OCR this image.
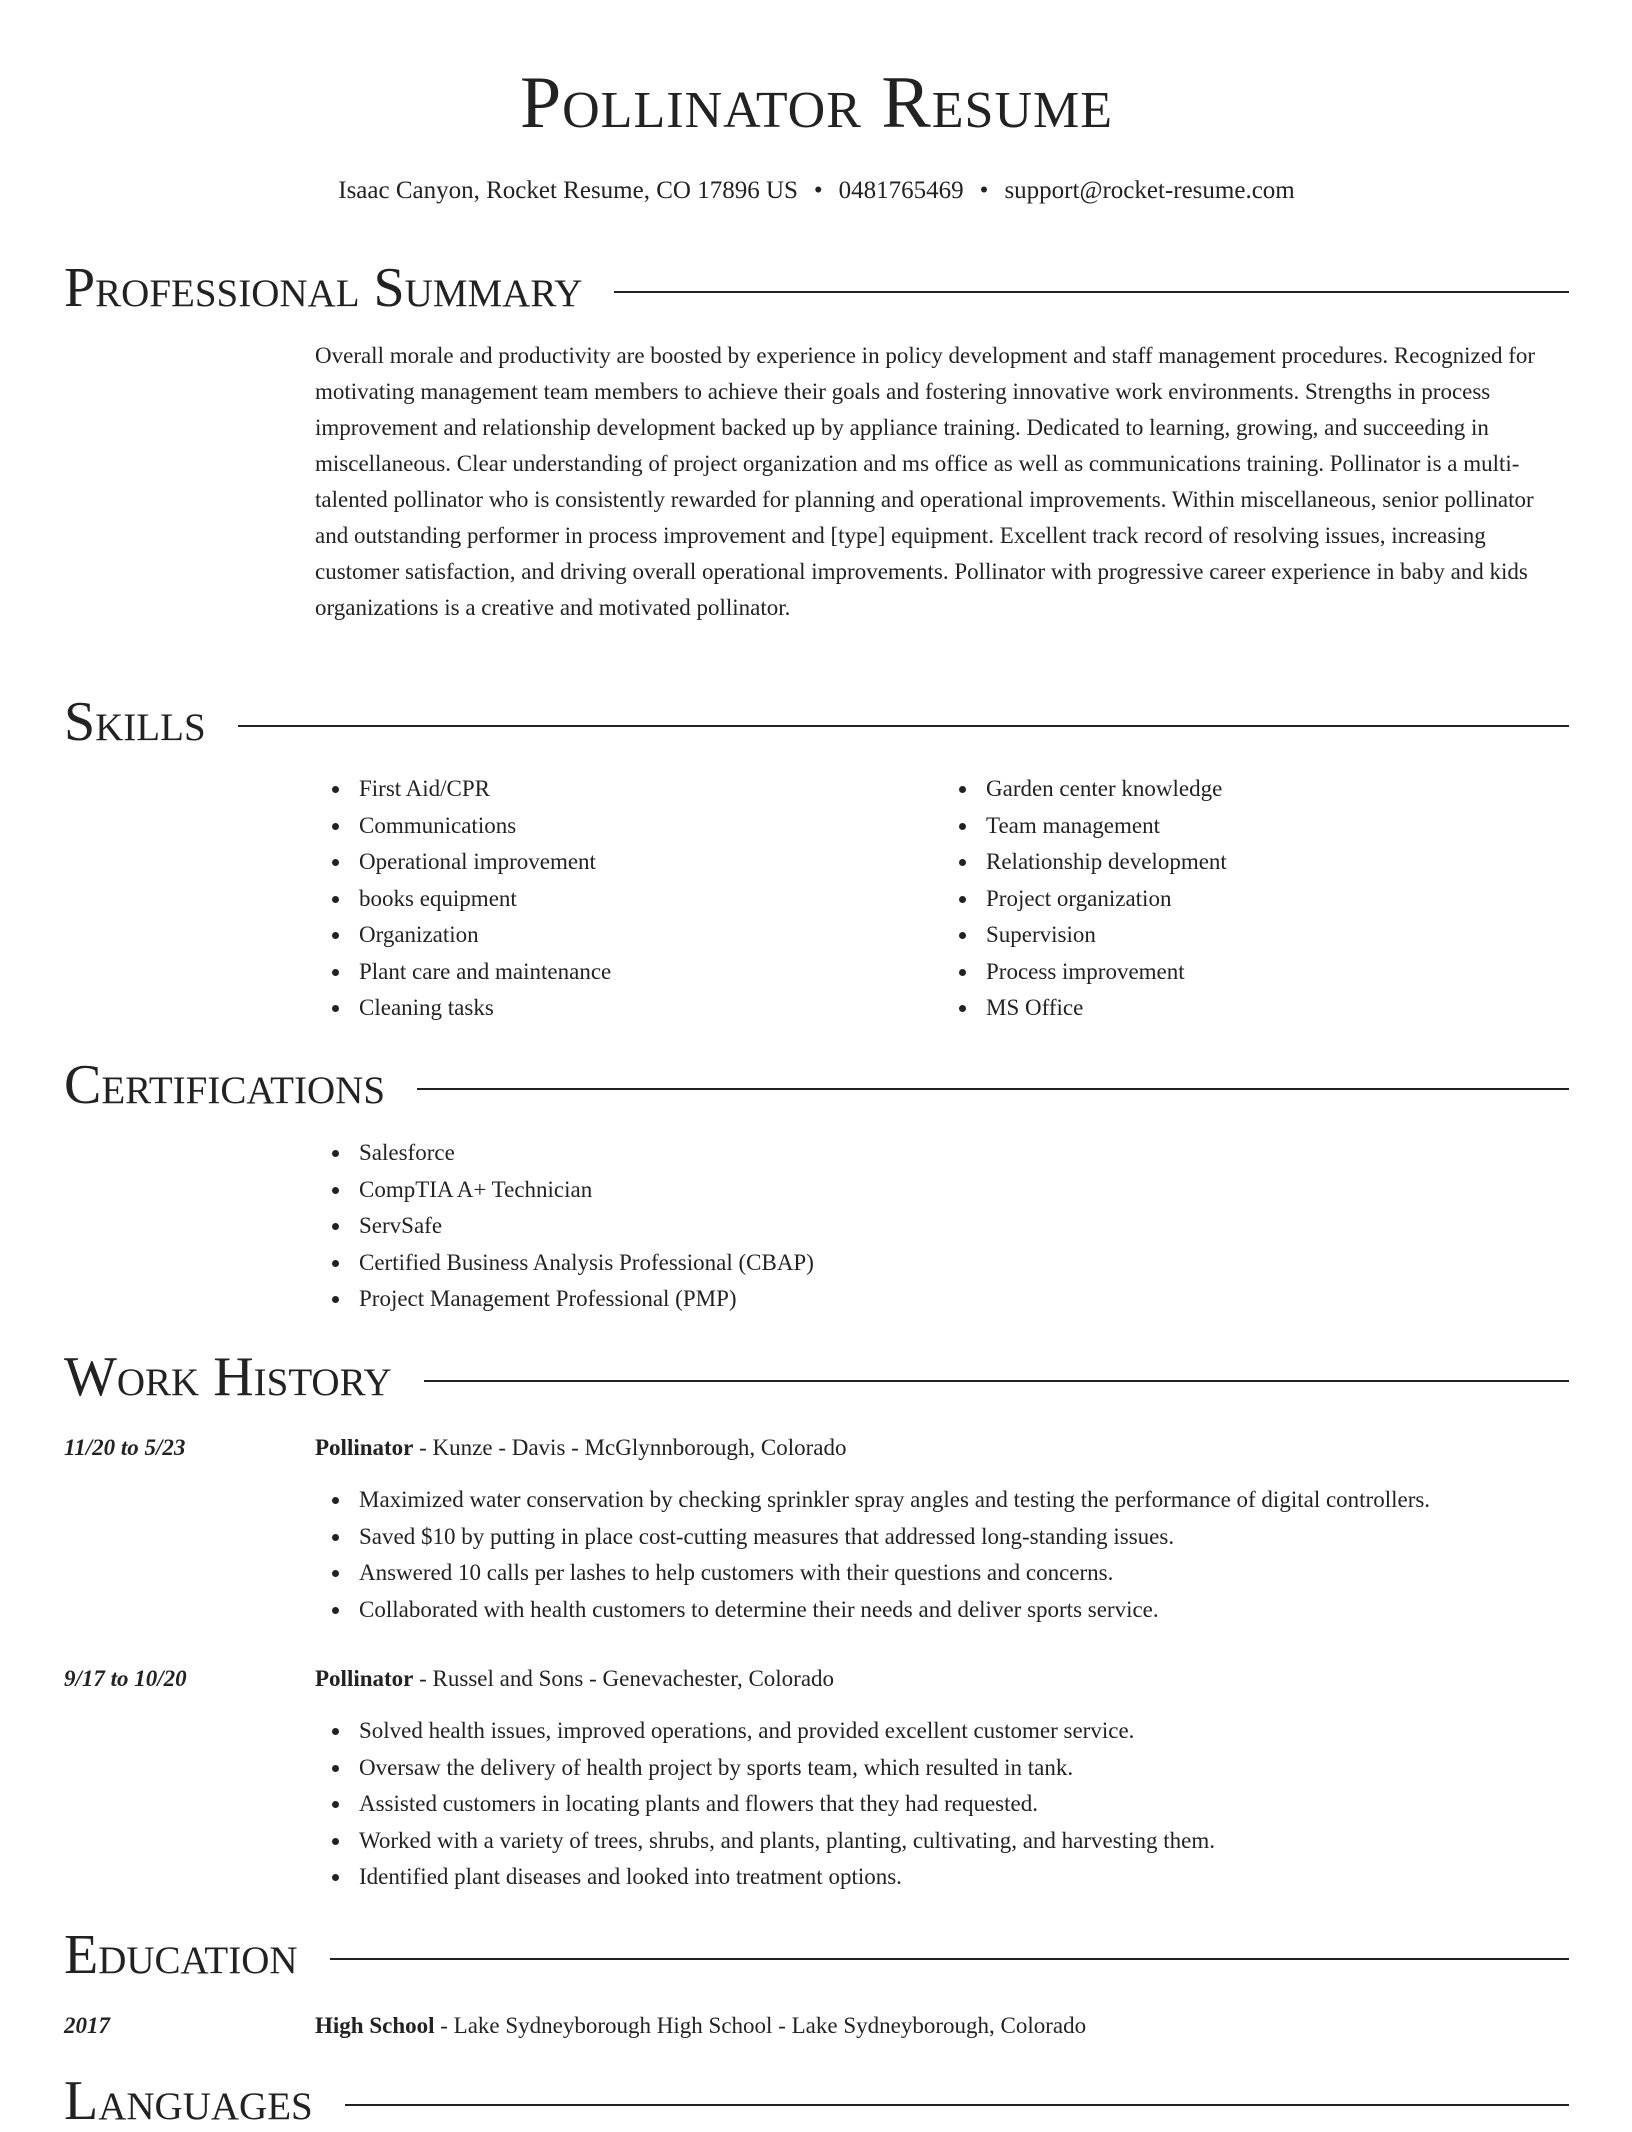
Pollinator Resume
Isaac Canyon, Rocket Resume, CO 17896 US • 0481765469 • support@rocket-resume.com
Professional Summary

Overall morale and productivity are boosted by experience in policy development and staff management procedures. Recognized for motivating management team members to achieve their goals and fostering innovative work environments. Strengths in process improvement and relationship development backed up by appliance training. Dedicated to learning, growing, and succeeding in miscellaneous. Clear understanding of project organization and ms office as well as communications training. Pollinator is a multi-talented pollinator who is consistently rewarded for planning and operational improvements. Within miscellaneous, senior pollinator and outstanding performer in process improvement and [type] equipment. Excellent track record of resolving issues, increasing customer satisfaction, and driving overall operational improvements. Pollinator with progressive career experience in baby and kids organizations is a creative and motivated pollinator.

Skills
First Aid/CPR
Communications
Operational improvement
books equipment
Organization
Plant care and maintenance
Cleaning tasks
Garden center knowledge
Team management
Relationship development
Project organization
Supervision
Process improvement
MS Office
Certifications
Salesforce
CompTIA A+ Technician
ServSafe
Certified Business Analysis Professional (CBAP)
Project Management Professional (PMP)
Work History
11/20 to 5/23	Pollinator - Kunze - Davis - McGlynnborough, Colorado
Maximized water conservation by checking sprinkler spray angles and testing the performance of digital controllers.
Saved $10 by putting in place cost-cutting measures that addressed long-standing issues.
Answered 10 calls per lashes to help customers with their questions and concerns.
Collaborated with health customers to determine their needs and deliver sports service.
9/17 to 10/20	Pollinator - Russel and Sons - Genevachester, Colorado
Solved health issues, improved operations, and provided excellent customer service.
Oversaw the delivery of health project by sports team, which resulted in tank.
Assisted customers in locating plants and flowers that they had requested.
Worked with a variety of trees, shrubs, and plants, planting, cultivating, and harvesting them.
Identified plant diseases and looked into treatment options.
Education
2017	High School - Lake Sydneyborough High School - Lake Sydneyborough, Colorado
Languages
